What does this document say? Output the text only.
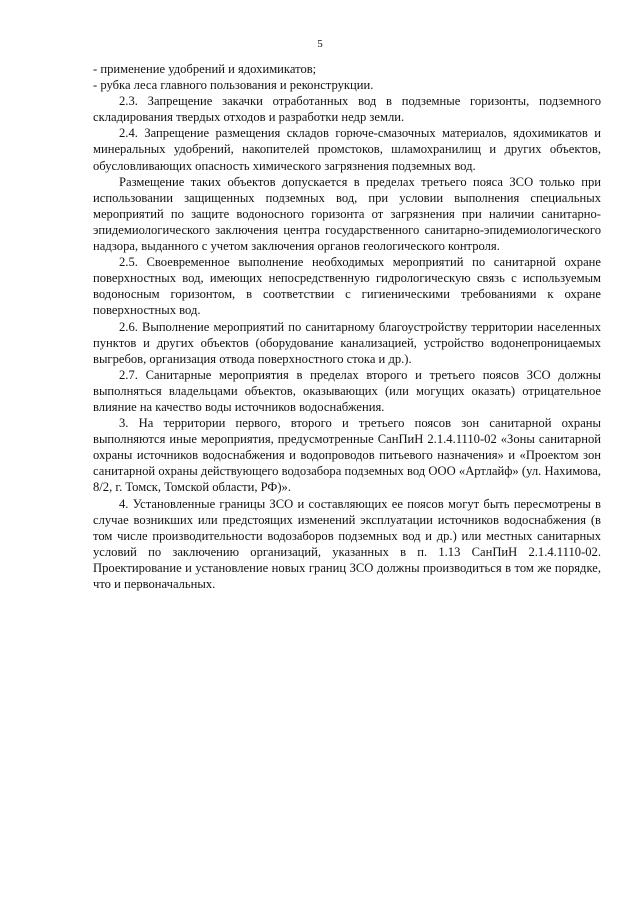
5

- применение удобрений и ядохимикатов;

- рубка леса главного пользования и реконструкции.

2.3. Запрещение закачки отработанных вод в подземные горизонты, подземного складирования твердых отходов и разработки недр земли.

2.4. Запрещение размещения складов горюче-смазочных материалов, ядохимикатов и минеральных удобрений, накопителей промстоков, шламохранилищ и других объектов, обусловливающих опасность химического загрязнения подземных вод.

Размещение таких объектов допускается в пределах третьего пояса ЗСО только при использовании защищенных подземных вод, при условии выполнения специальных мероприятий по защите водоносного горизонта от загрязнения при наличии санитарно-эпидемиологического заключения центра государственного санитарно-эпидемиологического надзора, выданного с учетом заключения органов геологического контроля.

2.5. Своевременное выполнение необходимых мероприятий по санитарной охране поверхностных вод, имеющих непосредственную гидрологическую связь с используемым водоносным горизонтом, в соответствии с гигиеническими требованиями к охране поверхностных вод.

2.6. Выполнение мероприятий по санитарному благоустройству территории населенных пунктов и других объектов (оборудование канализацией, устройство водонепроницаемых выгребов, организация отвода поверхностного стока и др.).

2.7. Санитарные мероприятия в пределах второго и третьего поясов ЗСО должны выполняться владельцами объектов, оказывающих (или могущих оказать) отрицательное влияние на качество воды источников водоснабжения.

3. На территории первого, второго и третьего поясов зон санитарной охраны выполняются иные мероприятия, предусмотренные СанПиН 2.1.4.1110-02 «Зоны санитарной охраны источников водоснабжения и водопроводов питьевого назначения» и «Проектом зон санитарной охраны действующего водозабора подземных вод ООО «Артлайф» (ул. Нахимова, 8/2, г. Томск, Томской области, РФ)».

4. Установленные границы ЗСО и составляющих ее поясов могут быть пересмотрены в случае возникших или предстоящих изменений эксплуатации источников водоснабжения (в том числе производительности водозаборов подземных вод и др.) или местных санитарных условий по заключению организаций, указанных в п. 1.13 СанПиН 2.1.4.1110-02. Проектирование и установление новых границ ЗСО должны производиться в том же порядке, что и первоначальных.
